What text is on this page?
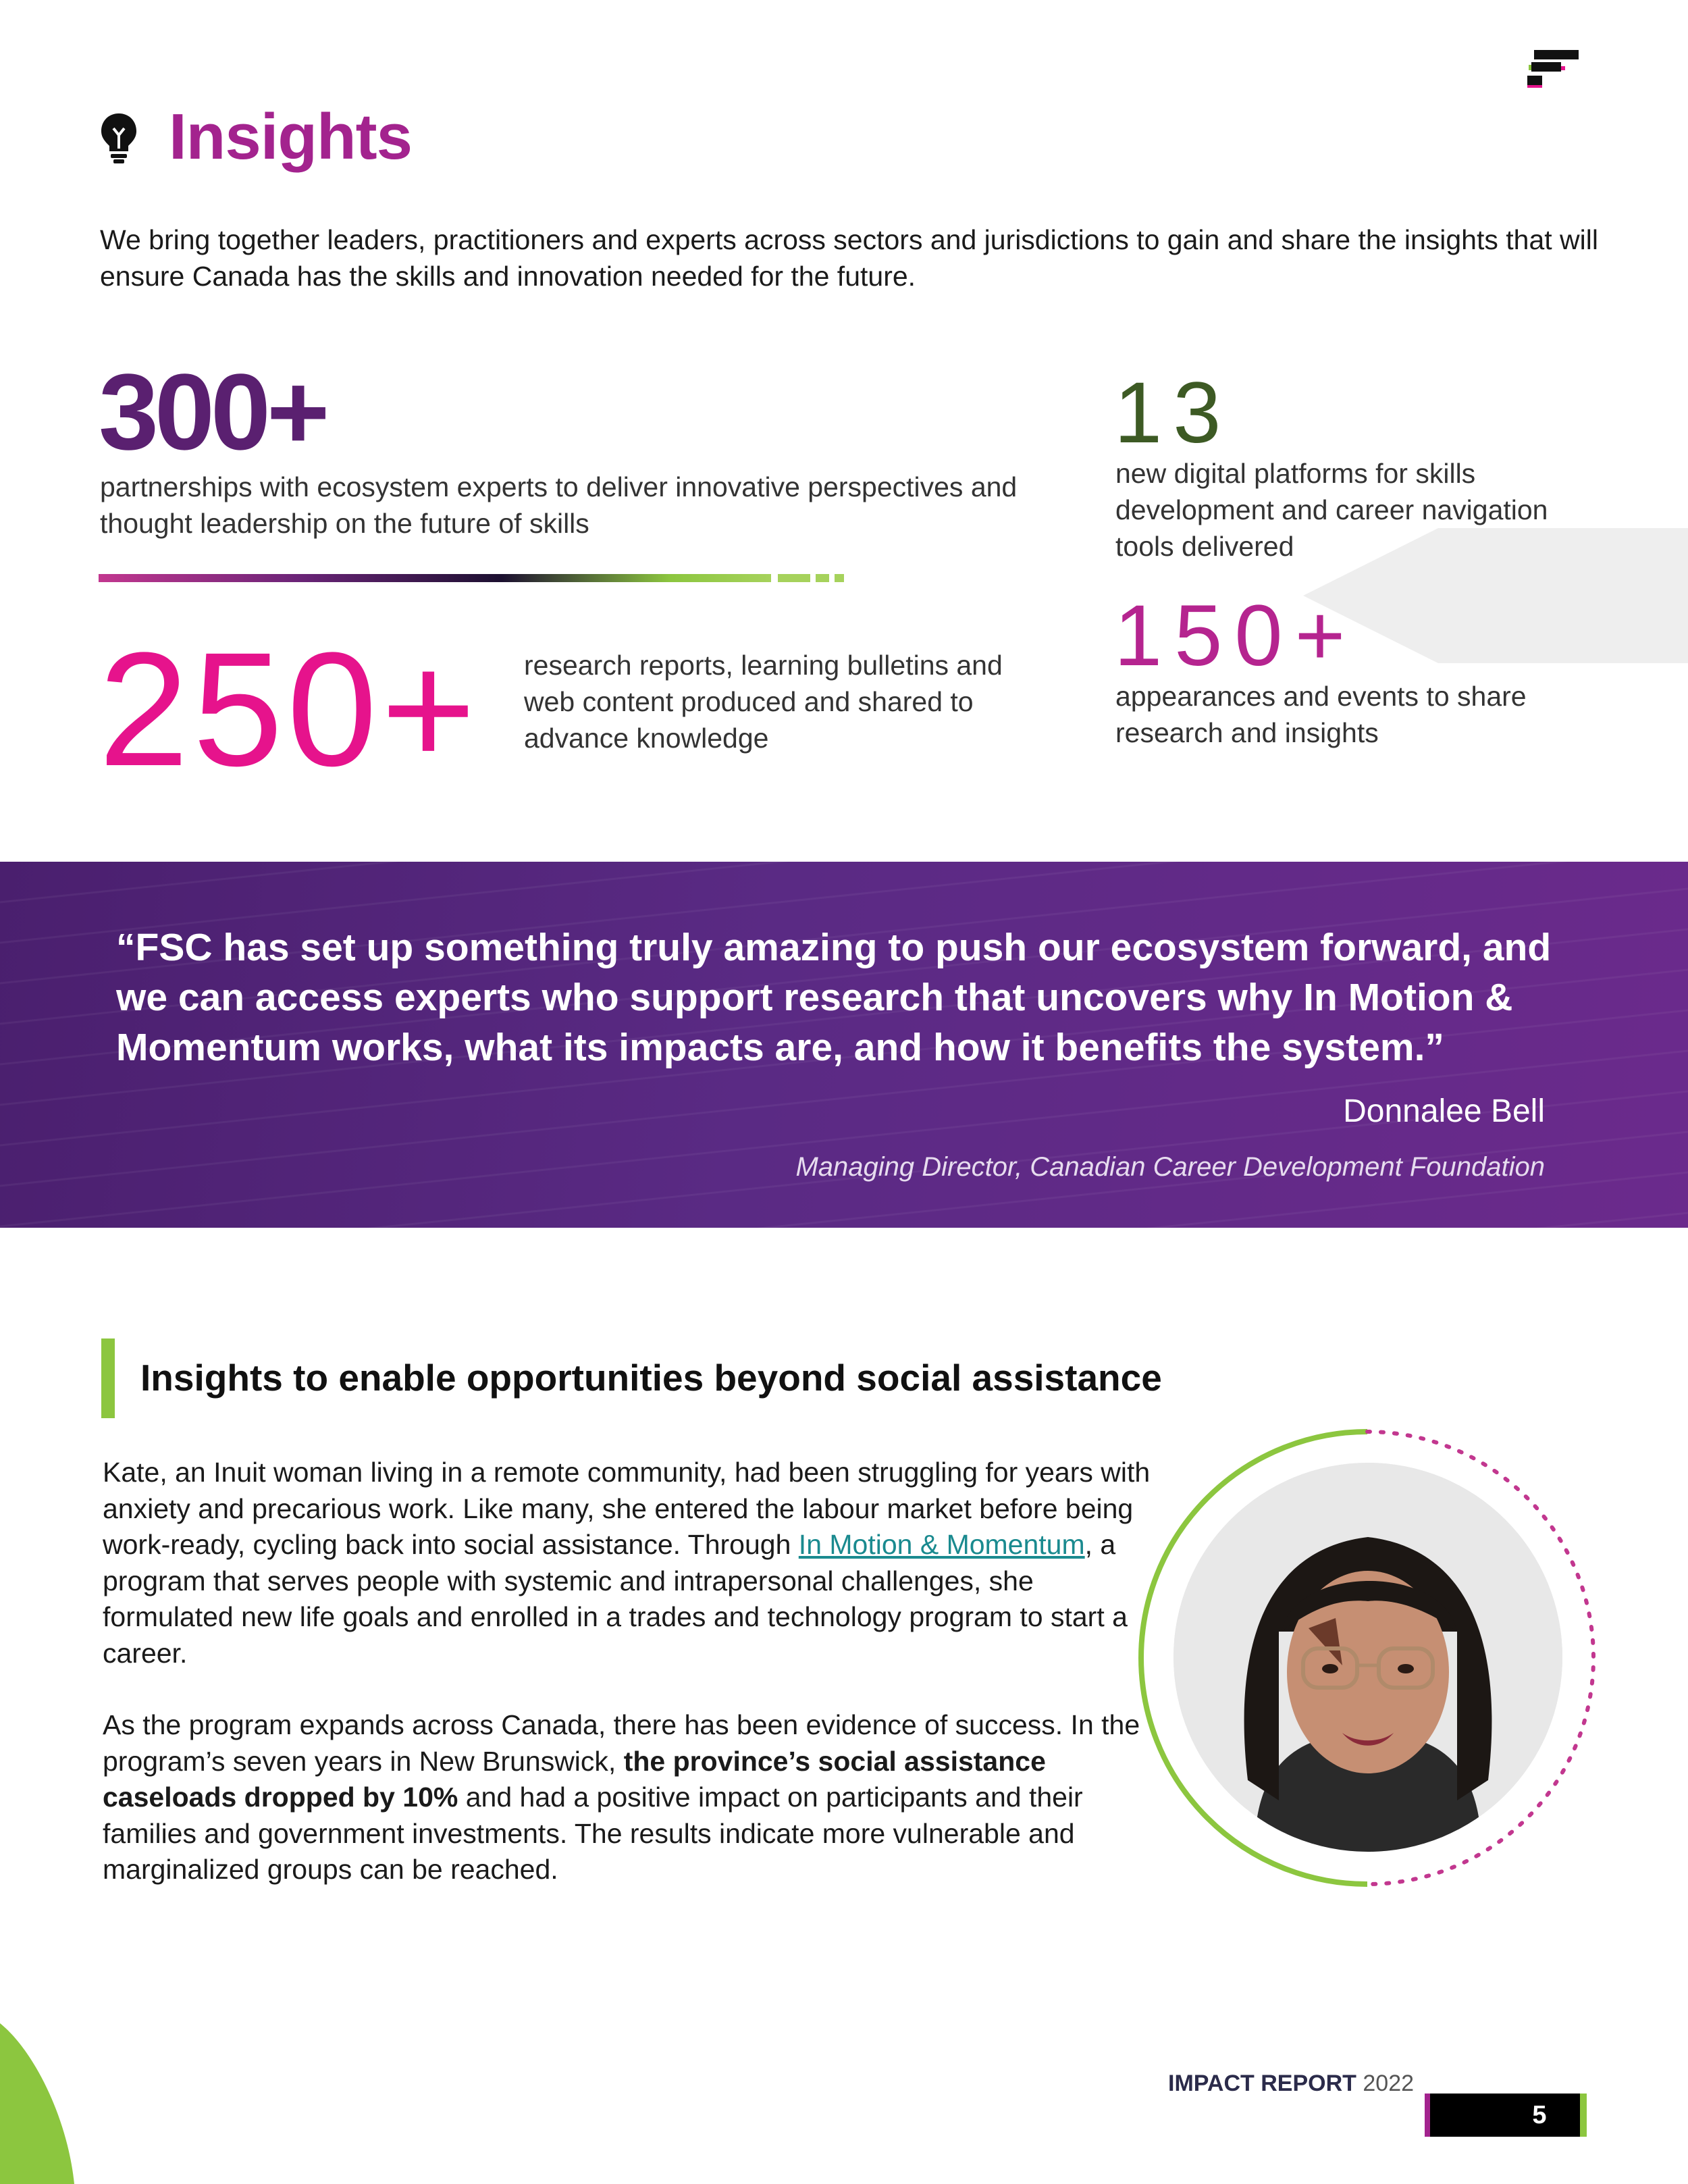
Insights
We bring together leaders, practitioners and experts across sectors and jurisdictions to gain and share the insights that will ensure Canada has the skills and innovation needed for the future.
300+
partnerships with ecosystem experts to deliver innovative perspectives and thought leadership on the future of skills
13
new digital platforms for skills development and career navigation tools delivered
250+ research reports, learning bulletins and web content produced and shared to advance knowledge
150+
appearances and events to share research and insights
“FSC has set up something truly amazing to push our ecosystem forward, and we can access experts who support research that uncovers why In Motion & Momentum works, what its impacts are, and how it benefits the system.”
Donnalee Bell
Managing Director, Canadian Career Development Foundation
Insights to enable opportunities beyond social assistance
Kate, an Inuit woman living in a remote community, had been struggling for years with anxiety and precarious work. Like many, she entered the labour market before being work-ready, cycling back into social assistance. Through In Motion & Momentum, a program that serves people with systemic and intrapersonal challenges, she formulated new life goals and enrolled in a trades and technology program to start a career.
As the program expands across Canada, there has been evidence of success. In the program’s seven years in New Brunswick, the province’s social assistance caseloads dropped by 10% and had a positive impact on participants and their families and government investments. The results indicate more vulnerable and marginalized groups can be reached.
IMPACT REPORT 2022
5
